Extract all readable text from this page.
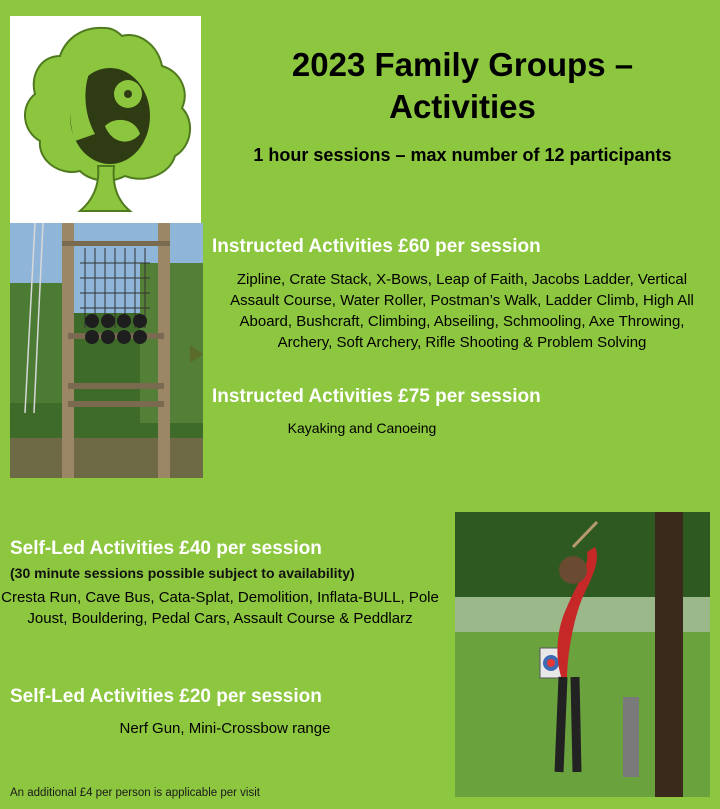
2023 Family Groups – Activities
1 hour sessions – max number of 12 participants
Instructed Activities £60 per session
Zipline, Crate Stack, X-Bows, Leap of Faith, Jacobs Ladder, Vertical Assault Course, Water Roller, Postman’s Walk, Ladder Climb, High All Aboard, Bushcraft, Climbing, Abseiling, Schmooling, Axe Throwing, Archery, Soft Archery, Rifle Shooting & Problem Solving
Instructed Activities £75 per session
Kayaking and Canoeing
Self-Led Activities £40 per session
(30 minute sessions possible subject to availability)
Cresta Run, Cave Bus, Cata-Splat, Demolition, Inflata-BULL, Pole Joust, Bouldering, Pedal Cars, Assault Course & Peddlarz
Self-Led Activities £20 per session
Nerf Gun, Mini-Crossbow range
An additional £4 per person is applicable per visit
